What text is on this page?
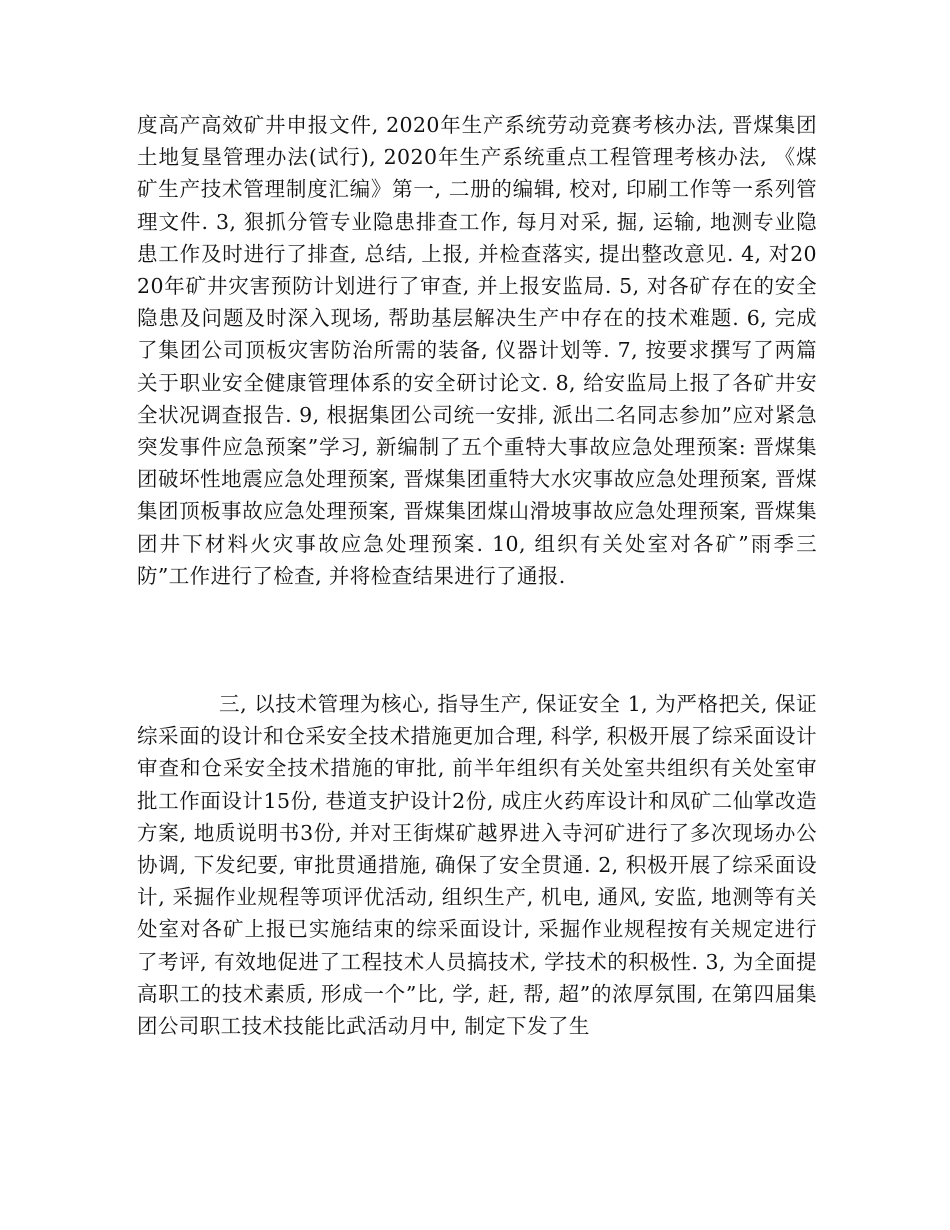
度高产高效矿井申报文件, 2020年生产系统劳动竞赛考核办法, 晋煤集团土地复垦管理办法(试行), 2020年生产系统重点工程管理考核办法, 《煤矿生产技术管理制度汇编》第一, 二册的编辑, 校对, 印刷工作等一系列管理文件. 3, 狠抓分管专业隐患排查工作, 每月对采, 掘, 运输, 地测专业隐患工作及时进行了排查, 总结, 上报, 并检查落实, 提出整改意见. 4, 对2020年矿井灾害预防计划进行了审查, 并上报安监局. 5, 对各矿存在的安全隐患及问题及时深入现场, 帮助基层解决生产中存在的技术难题. 6, 完成了集团公司顶板灾害防治所需的装备, 仪器计划等. 7, 按要求撰写了两篇关于职业安全健康管理体系的安全研讨论文. 8, 给安监局上报了各矿井安全状况调查报告. 9, 根据集团公司统一安排, 派出二名同志参加”应对紧急突发事件应急预案”学习, 新编制了五个重特大事故应急处理预案: 晋煤集团破坏性地震应急处理预案, 晋煤集团重特大水灾事故应急处理预案, 晋煤集团顶板事故应急处理预案, 晋煤集团煤山滑坡事故应急处理预案, 晋煤集团井下材料火灾事故应急处理预案. 10, 组织有关处室对各矿”雨季三防”工作进行了检查, 并将检查结果进行了通报.

三, 以技术管理为核心, 指导生产, 保证安全 1, 为严格把关, 保证综采面的设计和仓采安全技术措施更加合理, 科学, 积极开展了综采面设计审查和仓采安全技术措施的审批, 前半年组织有关处室共组织有关处室审批工作面设计15份, 巷道支护设计2份, 成庄火药库设计和凤矿二仙掌改造方案, 地质说明书3份, 并对王街煤矿越界进入寺河矿进行了多次现场办公协调, 下发纪要, 审批贯通措施, 确保了安全贯通. 2, 积极开展了综采面设计, 采掘作业规程等项评优活动, 组织生产, 机电, 通风, 安监, 地测等有关处室对各矿上报已实施结束的综采面设计, 采掘作业规程按有关规定进行了考评, 有效地促进了工程技术人员搞技术, 学技术的积极性. 3, 为全面提高职工的技术素质, 形成一个”比, 学, 赶, 帮, 超”的浓厚氛围, 在第四届集团公司职工技术技能比武活动月中, 制定下发了生
